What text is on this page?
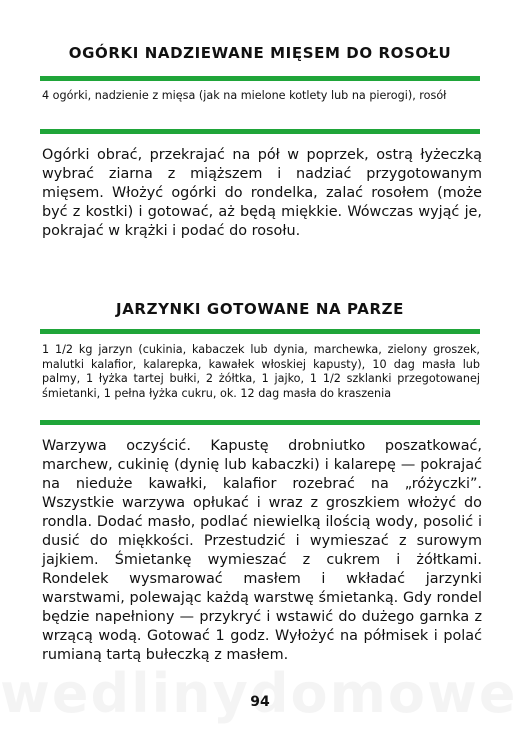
OGÓRKI NADZIEWANE MIĘSEM DO ROSOŁU
4 ogórki, nadzienie z mięsa (jak na mielone kotlety lub na pierogi), rosół
Ogórki obrać, przekrajać na pół w poprzek, ostrą łyżeczką wybrać ziarna z miąższem i nadziać przygotowanym mięsem. Włożyć ogórki do rondelka, zalać rosołem (może być z kostki) i gotować, aż będą miękkie. Wówczas wyjąć je, pokrajać w krążki i podać do rosołu.
JARZYNKI GOTOWANE NA PARZE
1 1/2 kg jarzyn (cukinia, kabaczek lub dynia, marchewka, zielony groszek, malutki kalafior, kalarepka, kawałek włoskiej kapusty), 10 dag masła lub palmy, 1 łyżka tartej bułki, 2 żółtka, 1 jajko, 1 1/2 szklanki przegotowanej śmietanki, 1 pełna łyżka cukru, ok. 12 dag masła do kraszenia
Warzywa oczyścić. Kapustę drobniutko poszatkować, marchew, cukinię (dynię lub kabaczki) i kalarepę — pokrajać na nieduże kawałki, kalafior rozebrać na „różyczki”. Wszystkie warzywa opłukać i wraz z groszkiem włożyć do rondla. Dodać masło, podlać niewielką ilością wody, posolić i dusić do miękkości. Przestudzić i wymieszać z surowym jajkiem. Śmietankę wymieszać z cukrem i żółtkami. Rondelek wysmarować masłem i wkładać jarzynki warstwami, polewając każdą warstwę śmietanką. Gdy rondel będzie napełniony — przykryć i wstawić do dużego garnka z wrzącą wodą. Gotować 1 godz. Wyłożyć na półmisek i polać rumianą tartą bułeczką z masłem.
94
